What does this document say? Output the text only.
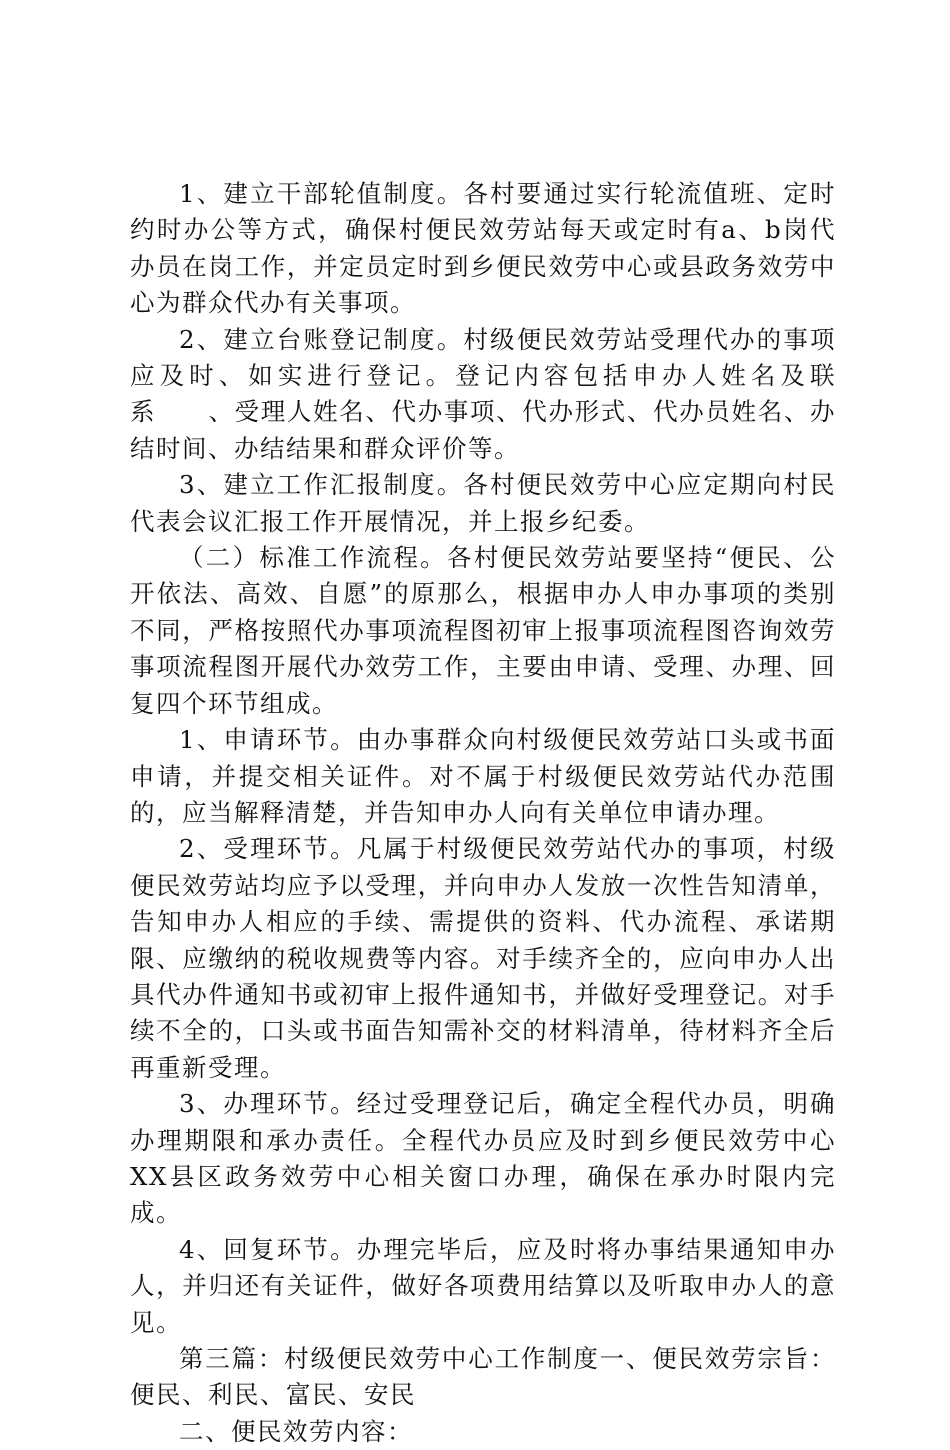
1、建立干部轮值制度。各村要通过实行轮流值班、定时约时办公等方式，确保村便民效劳站每天或定时有a、b岗代办员在岗工作，并定员定时到乡便民效劳中心或县政务效劳中心为群众代办有关事项。

2、建立台账登记制度。村级便民效劳站受理代办的事项应及时、如实进行登记。登记内容包括申办人姓名及联系　　、受理人姓名、代办事项、代办形式、代办员姓名、办结时间、办结结果和群众评价等。

3、建立工作汇报制度。各村便民效劳中心应定期向村民代表会议汇报工作开展情况，并上报乡纪委。

（二）标准工作流程。各村便民效劳站要坚持“便民、公开依法、高效、自愿”的原那么，根据申办人申办事项的类别不同，严格按照代办事项流程图初审上报事项流程图咨询效劳事项流程图开展代办效劳工作，主要由申请、受理、办理、回复四个环节组成。

1、申请环节。由办事群众向村级便民效劳站口头或书面申请，并提交相关证件。对不属于村级便民效劳站代办范围的，应当解释清楚，并告知申办人向有关单位申请办理。

2、受理环节。凡属于村级便民效劳站代办的事项，村级便民效劳站均应予以受理，并向申办人发放一次性告知清单，告知申办人相应的手续、需提供的资料、代办流程、承诺期限、应缴纳的税收规费等内容。对手续齐全的，应向申办人出具代办件通知书或初审上报件通知书，并做好受理登记。对手续不全的，口头或书面告知需补交的材料清单，待材料齐全后再重新受理。

3、办理环节。经过受理登记后，确定全程代办员，明确办理期限和承办责任。全程代办员应及时到乡便民效劳中心XX县区政务效劳中心相关窗口办理，确保在承办时限内完成。

4、回复环节。办理完毕后，应及时将办事结果通知申办人，并归还有关证件，做好各项费用结算以及听取申办人的意见。

第三篇：村级便民效劳中心工作制度一、便民效劳宗旨：便民、利民、富民、安民

二、便民效劳内容：
